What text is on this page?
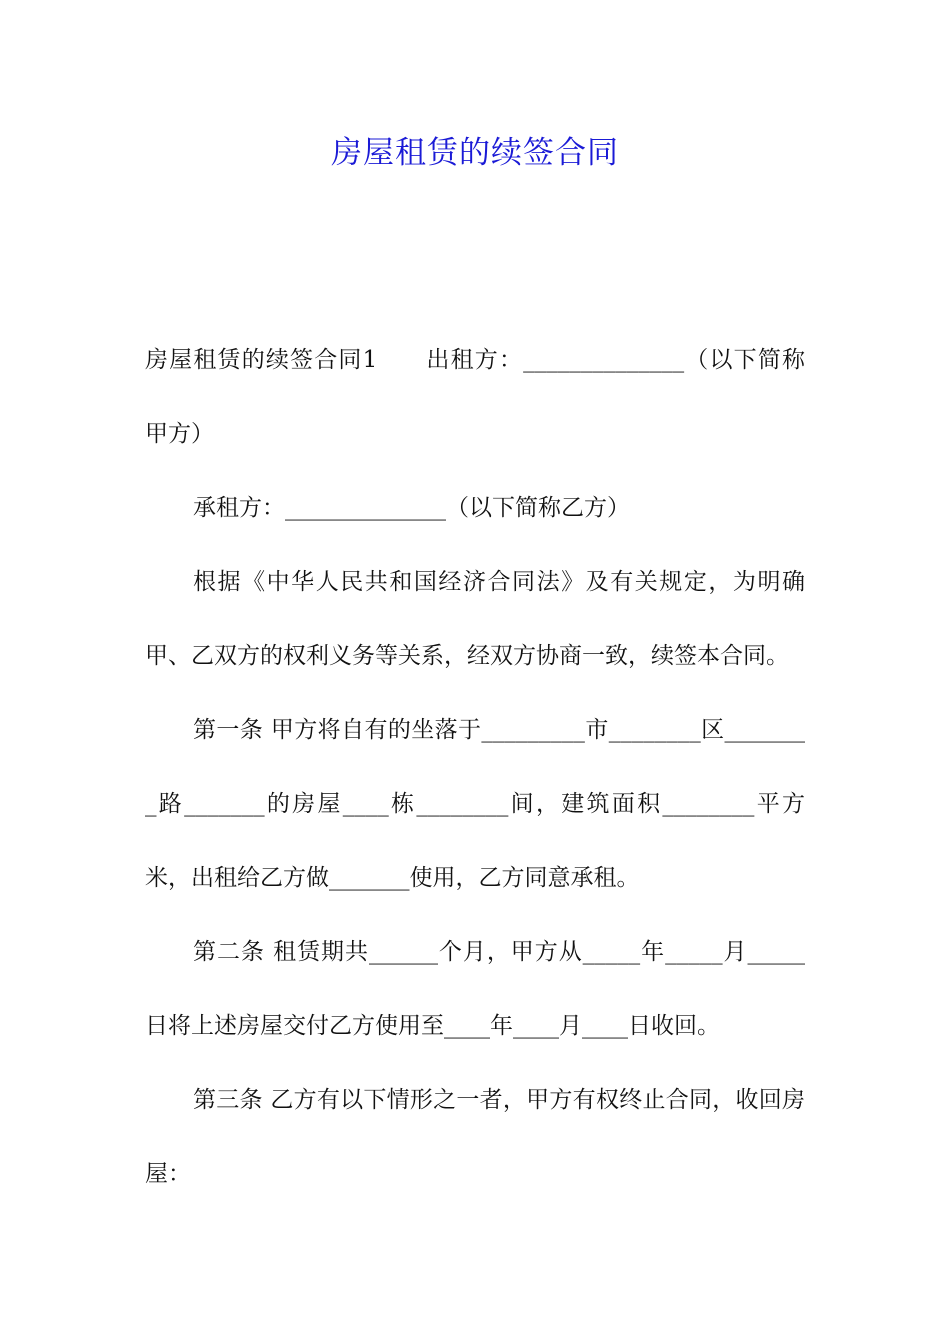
房屋租赁的续签合同

房屋租赁的续签合同1 出租方：______________（以下简称甲方）

承租方：______________（以下简称乙方）

根据《中华人民共和国经济合同法》及有关规定，为明确甲、乙双方的权利义务等关系，经双方协商一致，续签本合同。

第一条 甲方将自有的坐落于_________市________区________路_______的房屋____栋________间，建筑面积________平方米，出租给乙方做_______使用，乙方同意承租。

第二条 租赁期共______个月，甲方从_____年_____月_____日将上述房屋交付乙方使用至____年____月____日收回。

第三条 乙方有以下情形之一者，甲方有权终止合同，收回房屋：
